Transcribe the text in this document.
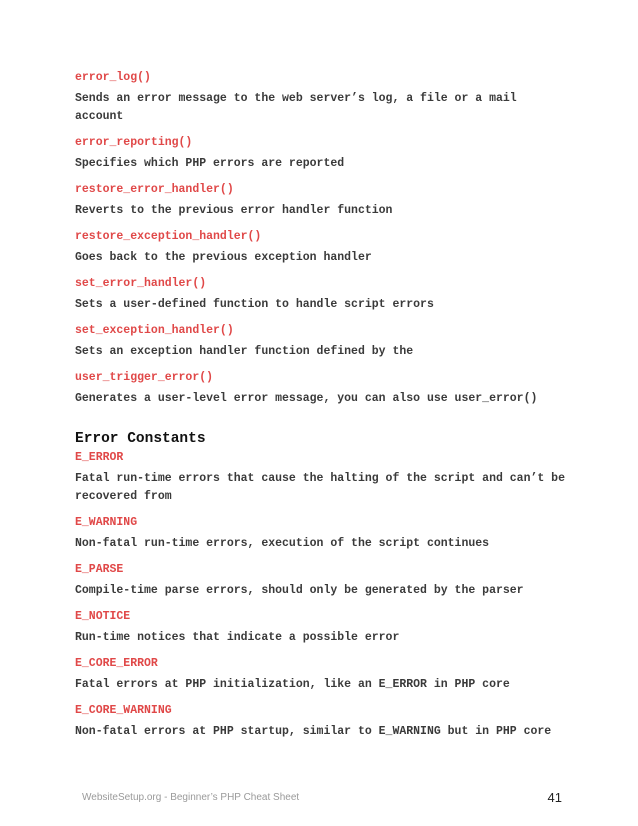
error_log()
Sends an error message to the web server’s log, a file or a mail account
error_reporting()
Specifies which PHP errors are reported
restore_error_handler()
Reverts to the previous error handler function
restore_exception_handler()
Goes back to the previous exception handler
set_error_handler()
Sets a user-defined function to handle script errors
set_exception_handler()
Sets an exception handler function defined by the
user_trigger_error()
Generates a user-level error message, you can also use user_error()
Error Constants
E_ERROR
Fatal run-time errors that cause the halting of the script and can’t be recovered from
E_WARNING
Non-fatal run-time errors, execution of the script continues
E_PARSE
Compile-time parse errors, should only be generated by the parser
E_NOTICE
Run-time notices that indicate a possible error
E_CORE_ERROR
Fatal errors at PHP initialization, like an E_ERROR in PHP core
E_CORE_WARNING
Non-fatal errors at PHP startup, similar to E_WARNING but in PHP core
WebsiteSetup.org - Beginner’s PHP Cheat Sheet	41
